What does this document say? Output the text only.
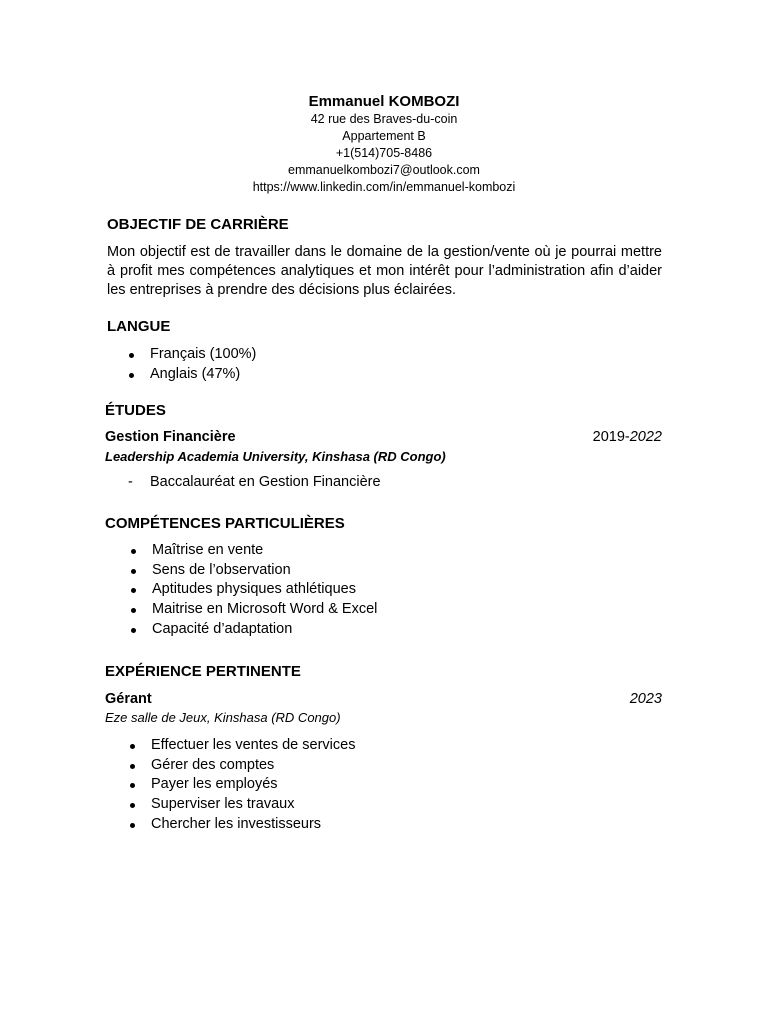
Emmanuel KOMBOZI
42 rue des Braves-du-coin
Appartement B
+1(514)705-8486
emmanuelkombozi7@outlook.com
https://www.linkedin.com/in/emmanuel-kombozi
OBJECTIF DE CARRIÈRE
Mon objectif est de travailler dans le domaine de la gestion/vente où je pourrai mettre à profit mes compétences analytiques et mon intérêt pour l’administration afin d’aider les entreprises à prendre des décisions plus éclairées.
LANGUE
Français (100%)
Anglais (47%)
ÉTUDES
Gestion Financière	2019-2022
Leadership Academia University, Kinshasa (RD Congo)
- Baccalauréat en Gestion Financière
COMPÉTENCES PARTICULIÈRES
Maîtrise en vente
Sens de l’observation
Aptitudes physiques athlétiques
Maitrise en Microsoft Word & Excel
Capacité d’adaptation
EXPÉRIENCE PERTINENTE
Gérant	2023
Eze salle de Jeux, Kinshasa (RD Congo)
Effectuer les ventes de services
Gérer des comptes
Payer les employés
Superviser les travaux
Chercher les investisseurs
